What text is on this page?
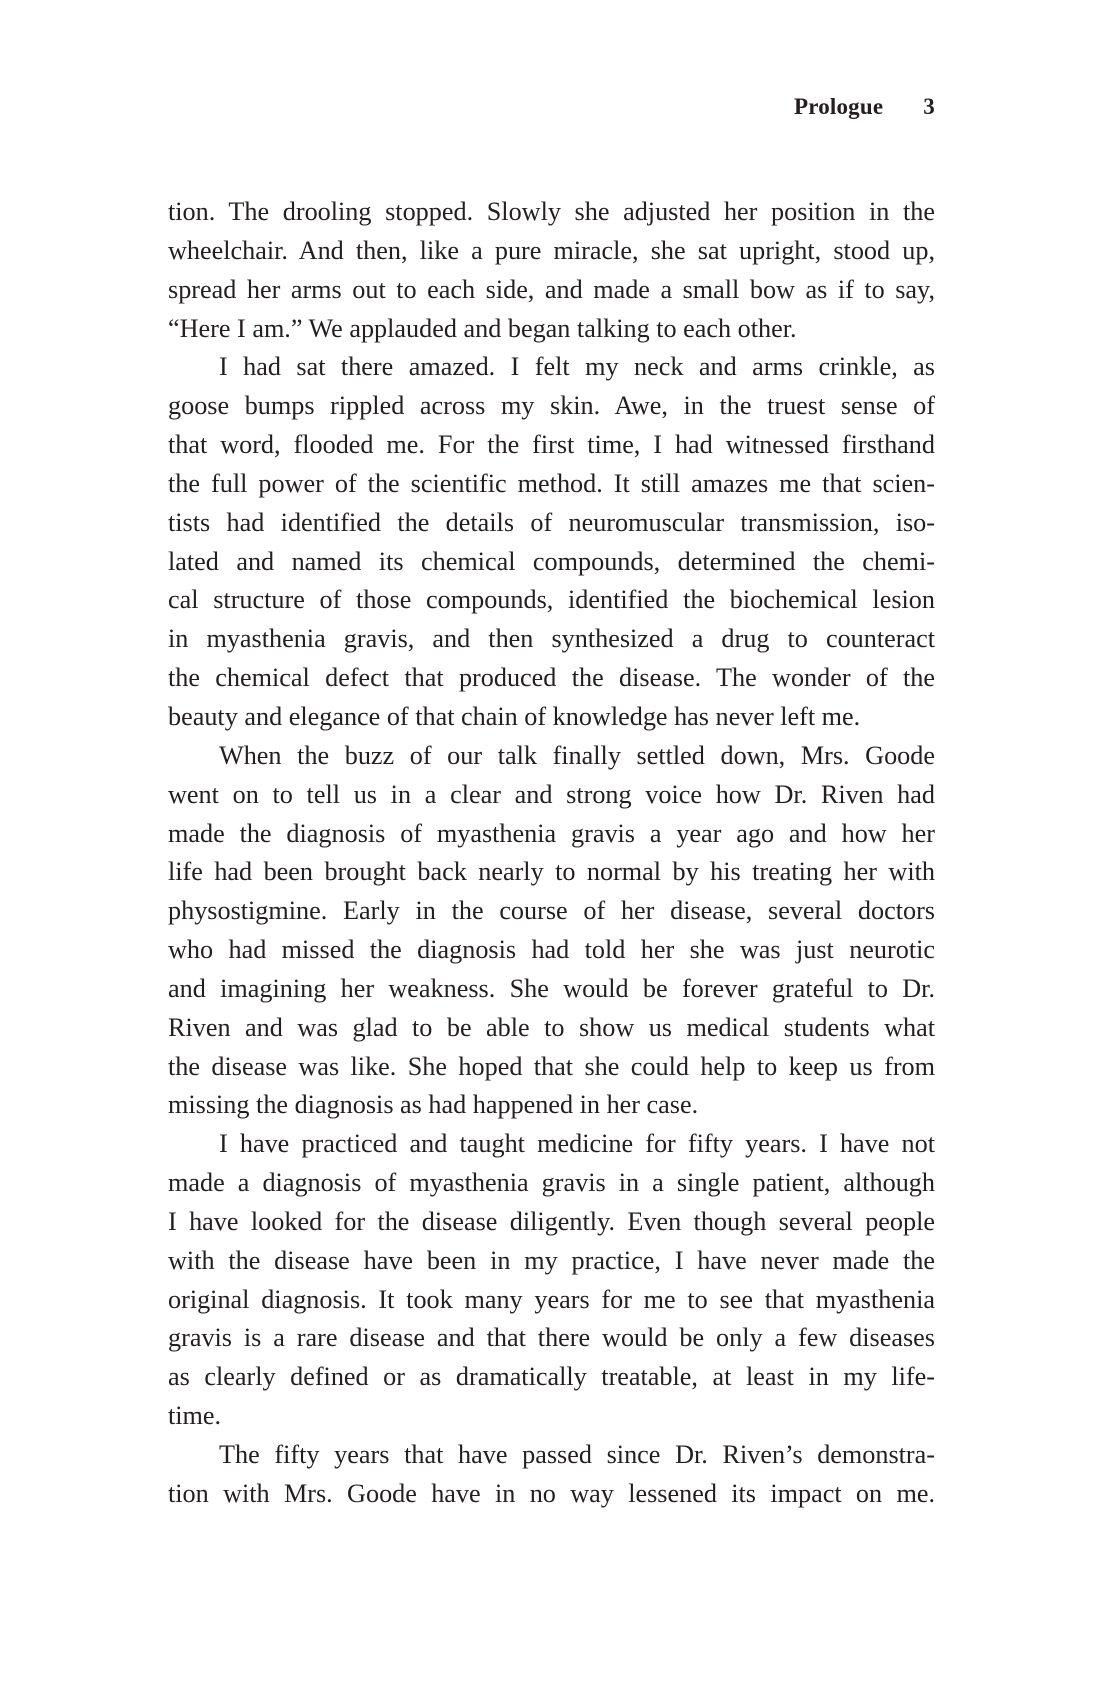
Prologue 3

tion. The drooling stopped. Slowly she adjusted her position in the
wheelchair. And then, like a pure miracle, she sat upright, stood up,
spread her arms out to each side, and made a small bow as if to say,
“Here I am.” We applauded and began talking to each other.

I had sat there amazed. I felt my neck and arms crinkle, as
goose bumps rippled across my skin. Awe, in the truest sense of
that word, flooded me. For the first time, I had witnessed firsthand
the full power of the scientific method. It still amazes me that scien-
tists had identified the details of neuromuscular transmission, iso-
lated and named its chemical compounds, determined the chemi-
cal structure of those compounds, identified the biochemical lesion
in myasthenia gravis, and then synthesized a drug to counteract
the chemical defect that produced the disease. The wonder of the
beauty and elegance of that chain of knowledge has never left me.

When the buzz of our talk finally settled down, Mrs. Goode
went on to tell us in a clear and strong voice how Dr. Riven had
made the diagnosis of myasthenia gravis a year ago and how her
life had been brought back nearly to normal by his treating her with
physostigmine. Early in the course of her disease, several doctors
who had missed the diagnosis had told her she was just neurotic
and imagining her weakness. She would be forever grateful to Dr.
Riven and was glad to be able to show us medical students what
the disease was like. She hoped that she could help to keep us from
missing the diagnosis as had happened in her case.

I have practiced and taught medicine for fifty years. I have not
made a diagnosis of myasthenia gravis in a single patient, although
I have looked for the disease diligently. Even though several people
with the disease have been in my practice, I have never made the
original diagnosis. It took many years for me to see that myasthenia
gravis is a rare disease and that there would be only a few diseases
as clearly defined or as dramatically treatable, at least in my life-
time.

The fifty years that have passed since Dr. Riven’s demonstra-
tion with Mrs. Goode have in no way lessened its impact on me.
